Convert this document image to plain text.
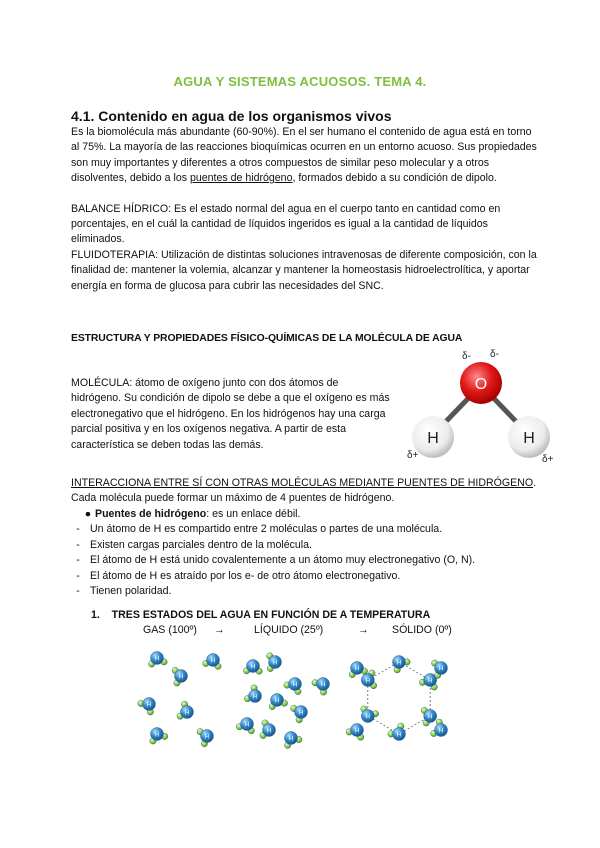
AGUA Y SISTEMAS ACUOSOS. TEMA 4.
4.1. Contenido en agua de los organismos vivos

Es la biomolécula más abundante (60-90%). En el ser humano el contenido de agua está en torno al 75%. La mayoría de las reacciones bioquímicas ocurren en un entorno acuoso. Sus propiedades son muy importantes y diferentes a otros compuestos de similar peso molecular y a otros disolventes, debido a los puentes de hidrógeno, formados debido a su condición de dipolo.

BALANCE HÍDRICO: Es el estado normal del agua en el cuerpo tanto en cantidad como en porcentajes, en el cuál la cantidad de líquidos ingeridos es igual a la cantidad de líquidos eliminados.

FLUIDOTERAPIA: Utilización de distintas soluciones intravenosas de diferente composición, con la finalidad de: mantener la volemia, alcanzar y mantener la homeostasis hidroelectrolítica, y aportar energía en forma de glucosa para cubrir las necesidades del SNC.

ESTRUCTURA Y PROPIEDADES FÍSICO-QUÍMICAS DE LA MOLÉCULA DE AGUA
MOLÉCULA: átomo de oxígeno junto con dos átomos de hidrógeno. Su condición de dipolo se debe a que el oxígeno es más electronegativo que el hidrógeno. En los hidrógenos hay una carga parcial positiva y en los oxígenos negativa. A partir de esta característica se deben todas las demás.
O
H	H
δ- δ-
δ+	δ+
INTERACCIONA ENTRE SÍ CON OTRAS MOLÉCULAS MEDIANTE PUENTES DE HIDRÓGENO. Cada molécula puede formar un máximo de 4 puentes de hidrógeno.
● Puentes de hidrógeno: es un enlace débil.
- Un átomo de H es compartido entre 2 moléculas o partes de una molécula.
- Existen cargas parciales dentro de la molécula.
- El átomo de H está unido covalentemente a un átomo muy electronegativo (O, N).
- El átomo de H es atraído por los e- de otro átomo electronegativo.
- Tienen polaridad.
1. TRES ESTADOS DEL AGUA EN FUNCIÓN DE A TEMPERATURA
GAS (100º) →	LÍQUIDO (25º)	→ SÓLIDO (0º)
H
H
H
H
H
H	H
H
H
H
H
H
H
H
H
H
H
H
H
H
H
H
H
H	H
H	H
